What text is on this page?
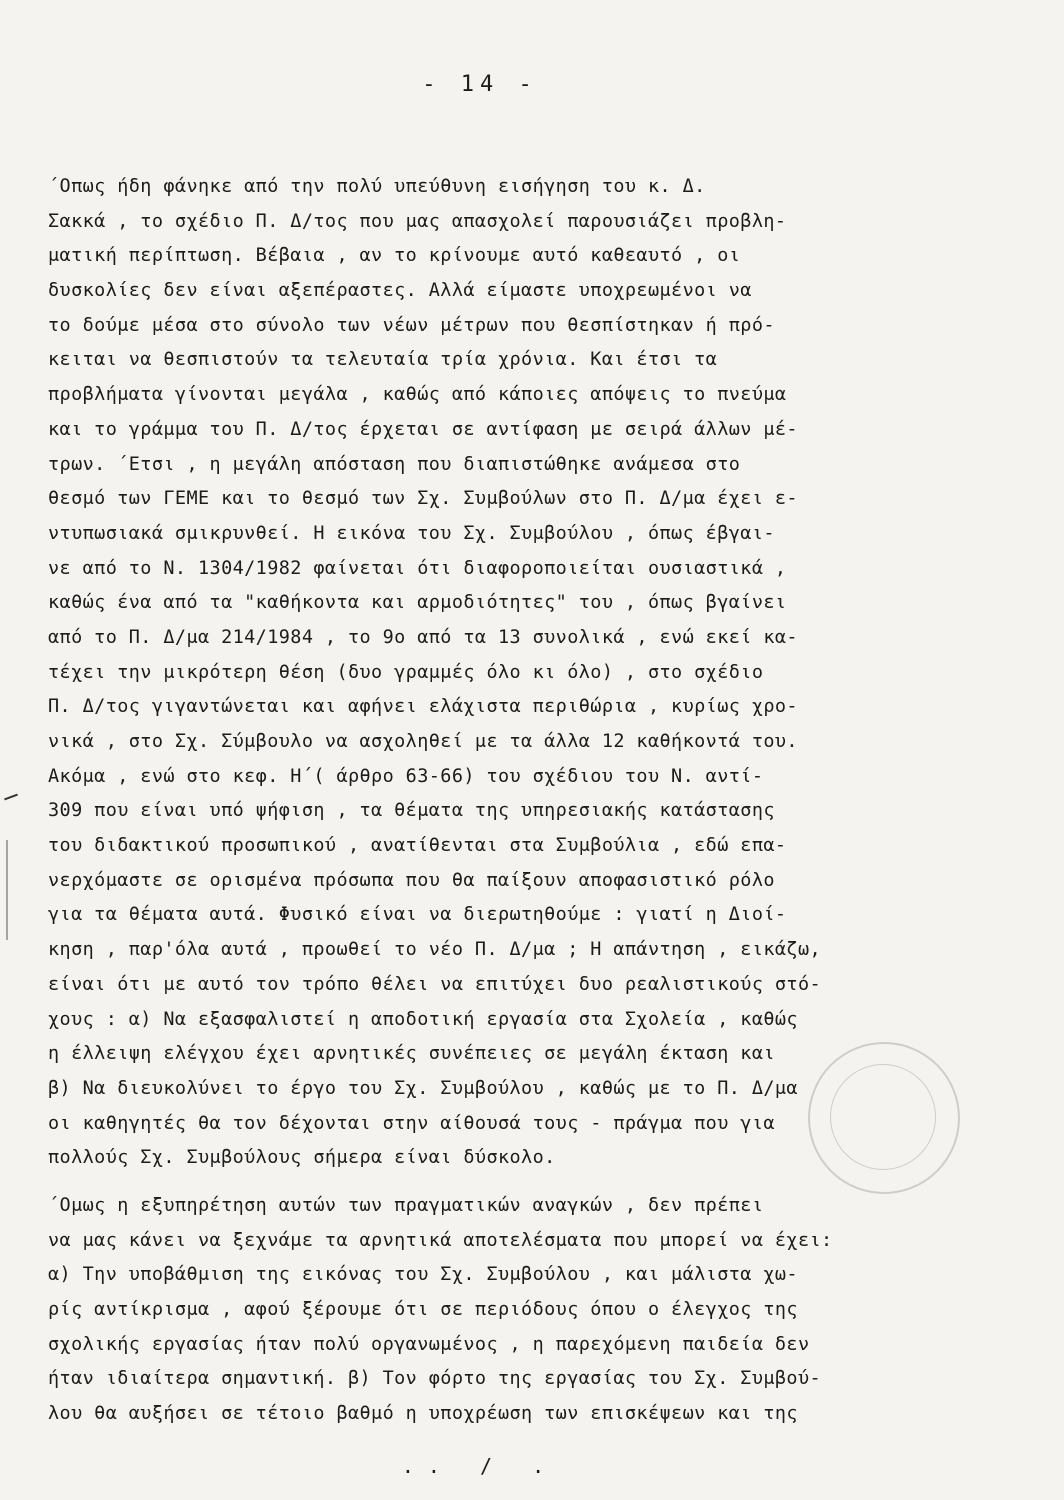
- 14 -
΄Οπως ήδη φάνηκε από την πολύ υπεύθυνη εισήγηση του κ. Δ.
Σακκά , το σχέδιο Π. Δ/τος που μας απασχολεί παρουσιάζει προβλη-
ματική περίπτωση. Βέβαια , αν το κρίνουμε αυτό καθεαυτό , οι
δυσκολίες δεν είναι αξεπέραστες. Αλλά είμαστε υποχρεωμένοι να
το δούμε μέσα στο σύνολο των νέων μέτρων που θεσπίστηκαν ή πρό-
κειται να θεσπιστούν τα τελευταία τρία χρόνια. Και έτσι τα
προβλήματα γίνονται μεγάλα , καθώς από κάποιες απόψεις το πνεύμα
και το γράμμα του Π. Δ/τος έρχεται σε αντίφαση με σειρά άλλων μέ-
τρων. ΄Ετσι , η μεγάλη απόσταση που διαπιστώθηκε ανάμεσα στο
θεσμό των ΓΕΜΕ και το θεσμό των Σχ. Συμβούλων στο Π. Δ/μα έχει ε-
ντυπωσιακά σμικρυνθεί. Η εικόνα του Σχ. Συμβούλου , όπως έβγαι-
νε από το Ν. 1304/1982 φαίνεται ότι διαφοροποιείται ουσιαστικά ,
καθώς ένα από τα "καθήκοντα και αρμοδιότητες" του , όπως βγαίνει
από το Π. Δ/μα 214/1984 , το 9ο από τα 13 συνολικά , ενώ εκεί κα-
τέχει την μικρότερη θέση (δυο γραμμές όλο κι όλο) , στο σχέδιο
Π. Δ/τος γιγαντώνεται και αφήνει ελάχιστα περιθώρια , κυρίως χρο-
νικά , στο Σχ. Σύμβουλο να ασχοληθεί με τα άλλα 12 καθήκοντά του.
Ακόμα , ενώ στο κεφ. Η΄( άρθρο 63-66) του σχέδιου του Ν. αντί-
309 που είναι υπό ψήφιση , τα θέματα της υπηρεσιακής κατάστασης
του διδακτικού προσωπικού , ανατίθενται στα Συμβούλια , εδώ επα-
νερχόμαστε σε ορισμένα πρόσωπα που θα παίξουν αποφασιστικό ρόλο
για τα θέματα αυτά. Φυσικό είναι να διερωτηθούμε : γιατί η Διοί-
κηση , παρ'όλα αυτά , προωθεί το νέο Π. Δ/μα ; Η απάντηση , εικάζω,
είναι ότι με αυτό τον τρόπο θέλει να επιτύχει δυο ρεαλιστικούς στό-
χους : α) Να εξασφαλιστεί η αποδοτική εργασία στα Σχολεία , καθώς
η έλλειψη ελέγχου έχει αρνητικές συνέπειες σε μεγάλη έκταση και
β) Να διευκολύνει το έργο του Σχ. Συμβούλου , καθώς με το Π. Δ/μα
οι καθηγητές θα τον δέχονται στην αίθουσά τους - πράγμα που για
πολλούς Σχ. Συμβούλους σήμερα είναι δύσκολο.
΄Ομως η εξυπηρέτηση αυτών των πραγματικών αναγκών , δεν πρέπει
να μας κάνει να ξεχνάμε τα αρνητικά αποτελέσματα που μπορεί να έχει:
α) Την υποβάθμιση της εικόνας του Σχ. Συμβούλου , και μάλιστα χω-
ρίς αντίκρισμα , αφού ξέρουμε ότι σε περιόδους όπου ο έλεγχος της
σχολικής εργασίας ήταν πολύ οργανωμένος , η παρεχόμενη παιδεία δεν
ήταν ιδιαίτερα σημαντική. β) Τον φόρτο της εργασίας του Σχ. Συμβού-
λου θα αυξήσει σε τέτοιο βαθμό η υποχρέωση των επισκέψεων και της
.. / .
